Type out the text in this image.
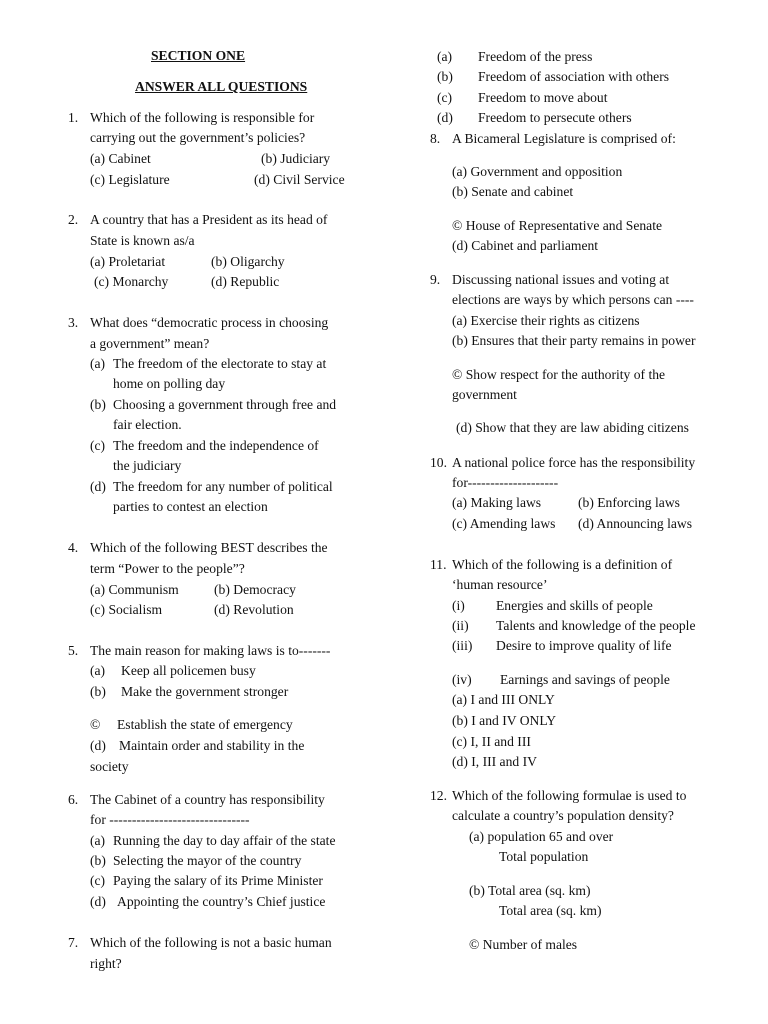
SECTION ONE
ANSWER ALL QUESTIONS
1. Which of the following is responsible for
carrying out the government’s policies?
(a) Cabinet	(b) Judiciary
(c) Legislature	(d) Civil Service
2. A country that has a President as its head of
State is known as/a
(a) Proletariat	(b) Oligarchy
(c) Monarchy	(d) Republic
3. What does “democratic process in choosing
a government” mean?
(a) The freedom of the electorate to stay at
home on polling day
(b) Choosing a government through free and
fair election.
(c) The freedom and the independence of
the judiciary
(d) The freedom for any number of political
parties to contest an election
4. Which of the following BEST describes the
term “Power to the people”?
(a) Communism	(b) Democracy
(c) Socialism	(d) Revolution
5. The main reason for making laws is to-------
(a) Keep all policemen busy
(b) Make the government stronger
© Establish the state of emergency
(d) Maintain order and stability in the
society
6. The Cabinet of a country has responsibility
for -------------------------------
(a) Running the day to day affair of the state
(b) Selecting the mayor of the country
(c) Paying the salary of its Prime Minister
(d) Appointing the country’s Chief justice
7. Which of the following is not a basic human
right?
(a) Freedom of the press
(b) Freedom of association with others
(c) Freedom to move about
(d) Freedom to persecute others
8. A Bicameral Legislature is comprised of:
(a) Government and opposition
(b) Senate and cabinet
© House of Representative and Senate
(d) Cabinet and parliament
9. Discussing national issues and voting at
elections are ways by which persons can ----
(a) Exercise their rights as citizens
(b) Ensures that their party remains in power
© Show respect for the authority of the
government
(d) Show that they are law abiding citizens
10. A national police force has the responsibility
for--------------------
(a) Making laws	(b) Enforcing laws
(c) Amending laws (d) Announcing laws
11. Which of the following is a definition of
‘human resource’
(i) Energies and skills of people
(ii) Talents and knowledge of the people
(iii) Desire to improve quality of life
(iv) Earnings and savings of people
(a) I and III ONLY
(b) I and IV ONLY
(c) I, II and III
(d) I, III and IV
12. Which of the following formulae is used to
calculate a country’s population density?
(a) population 65 and over
Total population
(b) Total area (sq. km)
Total area (sq. km)
© Number of males
